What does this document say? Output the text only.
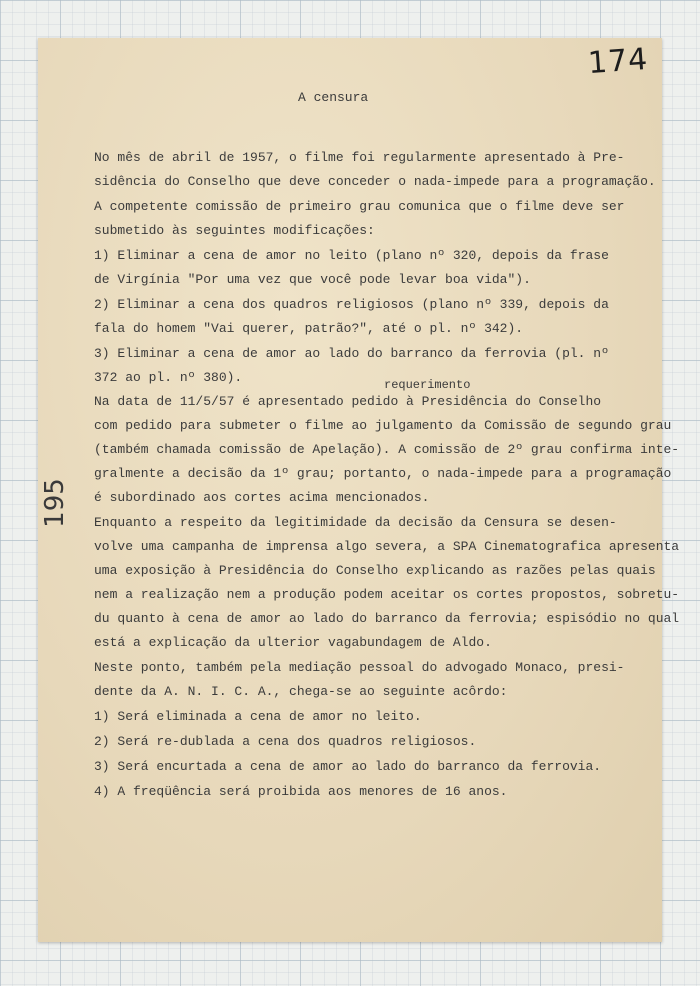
174
195
A censura
requerimento
No mês de abril de 1957, o filme foi regularmente apresentado à Pre-
sidência do Conselho que deve conceder o nada-impede para a programação.
A competente comissão de primeiro grau comunica que o filme deve ser
submetido às seguintes modificações:
1) Eliminar a cena de amor no leito (plano nº 320, depois da frase
de Virgínia "Por uma vez que você pode levar boa vida").
2) Eliminar a cena dos quadros religiosos (plano nº 339, depois da
fala do homem "Vai querer, patrão?", até o pl. nº 342).
3) Eliminar a cena de amor ao lado do barranco da ferrovia (pl. nº
372 ao pl. nº 380).
Na data de 11/5/57 é apresentado pedido à Presidência do Conselho
com pedido para submeter o filme ao julgamento da Comissão de segundo grau
(também chamada comissão de Apelação). A comissão de 2º grau confirma inte-
gralmente a decisão da 1º grau; portanto, o nada-impede para a programação
é subordinado aos cortes acima mencionados.
Enquanto a respeito da legitimidade da decisão da Censura se desen-
volve uma campanha de imprensa algo severa, a SPA Cinematografica apresenta
uma exposição à Presidência do Conselho explicando as razões pelas quais
nem a realização nem a produção podem aceitar os cortes propostos, sobretu-
du quanto à cena de amor ao lado do barranco da ferrovia; espisódio no qual
está a explicação da ulterior vagabundagem de Aldo.
Neste ponto, também pela mediação pessoal do advogado Monaco, presi-
dente da A. N. I. C. A., chega-se ao seguinte acôrdo:
1) Será eliminada a cena de amor no leito.
2) Será re-dublada a cena dos quadros religiosos.
3) Será encurtada a cena de amor ao lado do barranco da ferrovia.
4) A freqüência será proibida aos menores de 16 anos.
